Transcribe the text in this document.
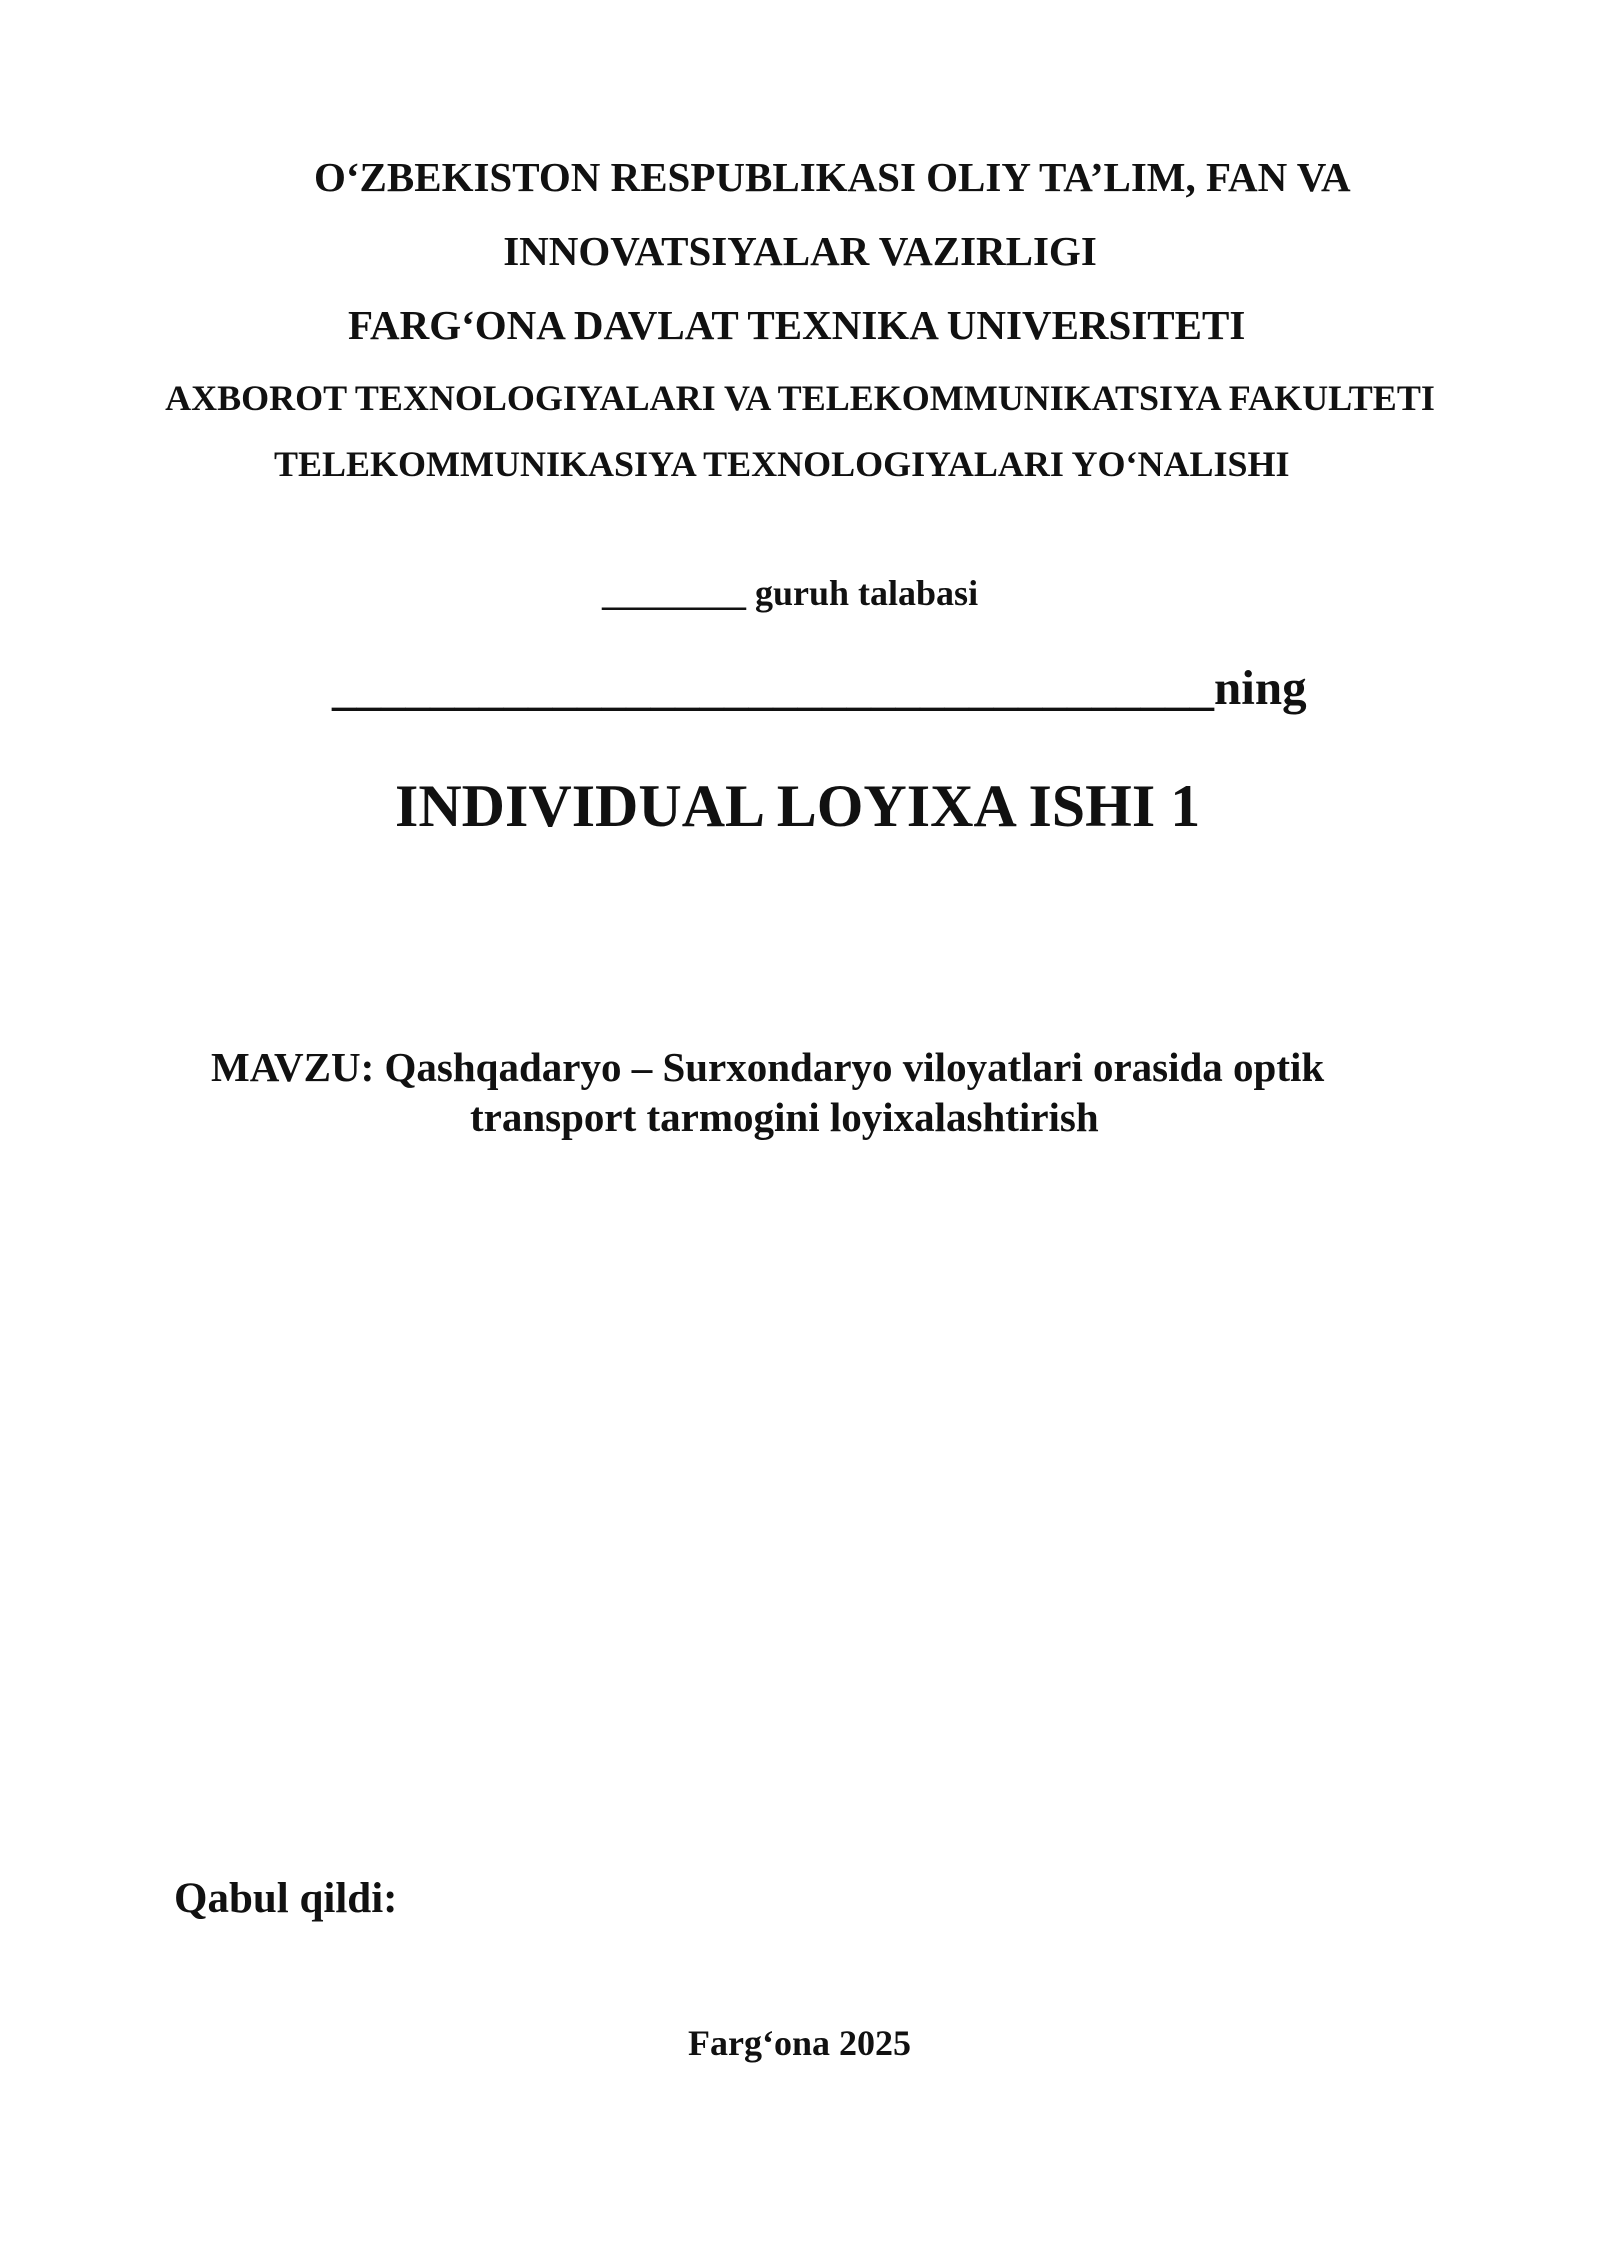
O‘ZBEKISTON RESPUBLIKASI OLIY TA’LIM, FAN VA
INNOVATSIYALAR VAZIRLIGI
FARG‘ONA DAVLAT TEXNIKA UNIVERSITETI
AXBOROT TEXNOLOGIYALARI VA TELEKOMMUNIKATSIYA FAKULTETI
TELEKOMMUNIKASIYA TEXNOLOGIYALARI YO‘NALISHI
________ guruh talabasi
____________________________________ning
INDIVIDUAL LOYIXA ISHI 1
MAVZU: Qashqadaryo – Surxondaryo viloyatlari orasida optik
transport tarmogini loyixalashtirish
Qabul qildi:
Farg‘ona 2025
